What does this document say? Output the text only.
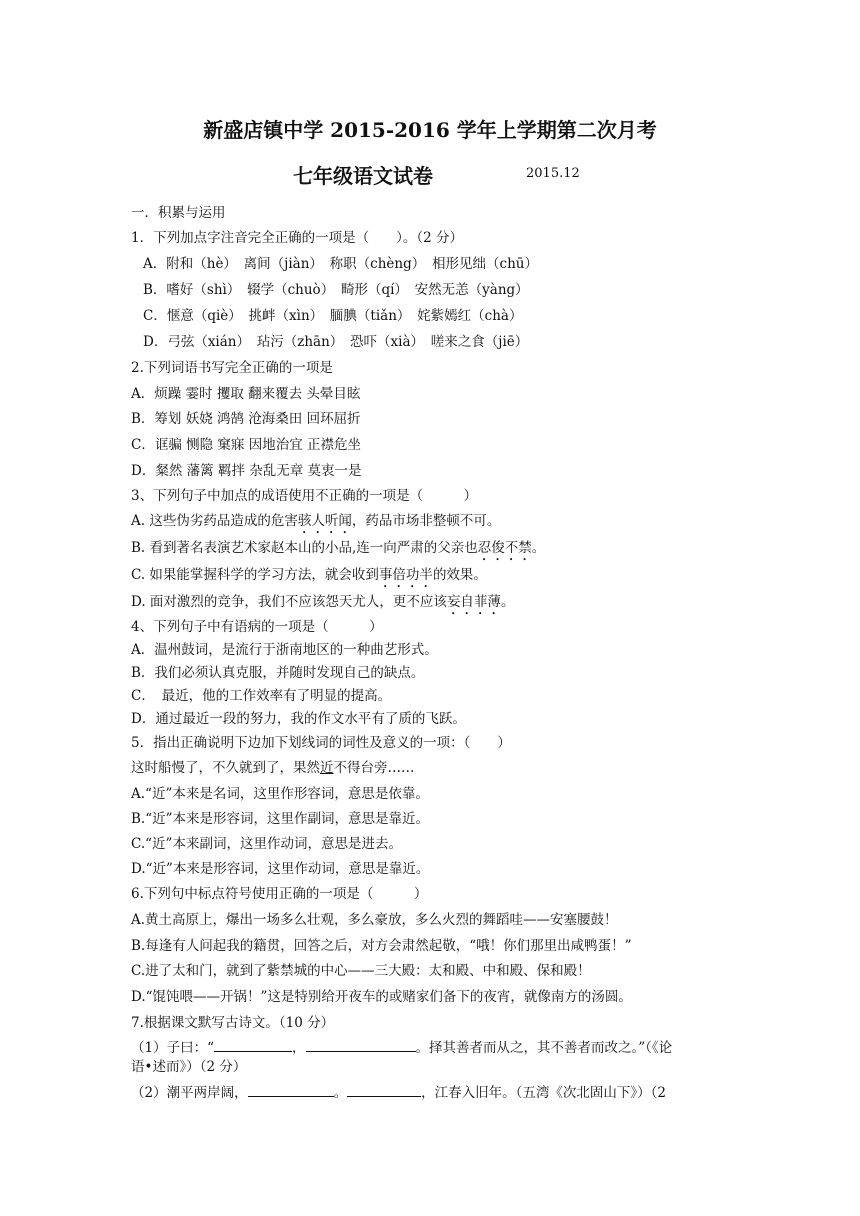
新盛店镇中学 2015-2016 学年上学期第二次月考
七年级语文试卷	2015.12
一．积累与运用
1．下列加点字注音完全正确的一项是（　　）。（2 分）
A．附和（hè）　离间（jiàn）　称职（chèng）　相形见绌（chū）
B．嗜好（shì）　辍学（chuò）　畸形（qí）　安然无恙（yàng）
C．惬意（qiè）　挑衅（xìn）　腼腆（tiǎn）　姹紫嫣红（chà）
D．弓弦（xián）　玷污（zhān）　恐吓（xià）　嗟来之食（jiē）
2.下列词语书写完全正确的一项是
A．烦躁 霎时 攫取 翻来覆去 头晕目眩
B．筹划 妖娆 鸿鹄 沧海桑田 回环屈折
C．诓骗 恻隐 窠寐 因地治宜 正襟危坐
D．粲然 藩篱 羁拌 杂乱无章 莫衷一是
3、下列句子中加点的成语使用不正确的一项是（　　　）
A. 这些伪劣药品造成的危害骇人听闻，药品市场非整顿不可。
B. 看到著名表演艺术家赵本山的小品,连一向严肃的父亲也忍俊不禁。
C. 如果能掌握科学的学习方法，就会收到事倍功半的效果。
D. 面对激烈的竞争，我们不应该怨天尤人，更不应该妄自菲薄。
4、下列句子中有语病的一项是（　　　）
A．温州鼓词，是流行于浙南地区的一种曲艺形式。
B．我们必须认真克服，并随时发现自己的缺点。
C．　最近，他的工作效率有了明显的提高。
D．通过最近一段的努力，我的作文水平有了质的飞跃。
5．指出正确说明下边加下划线词的词性及意义的一项：（　　）
这时船慢了，不久就到了，果然近不得台旁……
A.“近”本来是名词，这里作形容词，意思是依靠。
B.“近”本来是形容词，这里作副词，意思是靠近。
C.“近”本来副词，这里作动词，意思是进去。
D.“近”本来是形容词，这里作动词，意思是靠近。
6.下列句中标点符号使用正确的一项是（　　　）
A.黄土高原上，爆出一场多么壮观，多么豪放，多么火烈的舞蹈哇——安塞腰鼓！
B.每逢有人问起我的籍贯，回答之后，对方会肃然起敬，“哦！你们那里出咸鸭蛋！”
C.进了太和门，就到了紫禁城的中心——三大殿：太和殿、中和殿、保和殿！
D.“馄饨喂——开锅！”这是特别给开夜车的或赌家们备下的夜宵，就像南方的汤圆。
7.根据课文默写古诗文。（10 分）
（1）子曰：“	，	。择其善者而从之，其不善者而改之。”（《论
语•述而》）（2 分）
（2）潮平两岸阔，	。	，江春入旧年。（五湾《次北固山下》）（2
